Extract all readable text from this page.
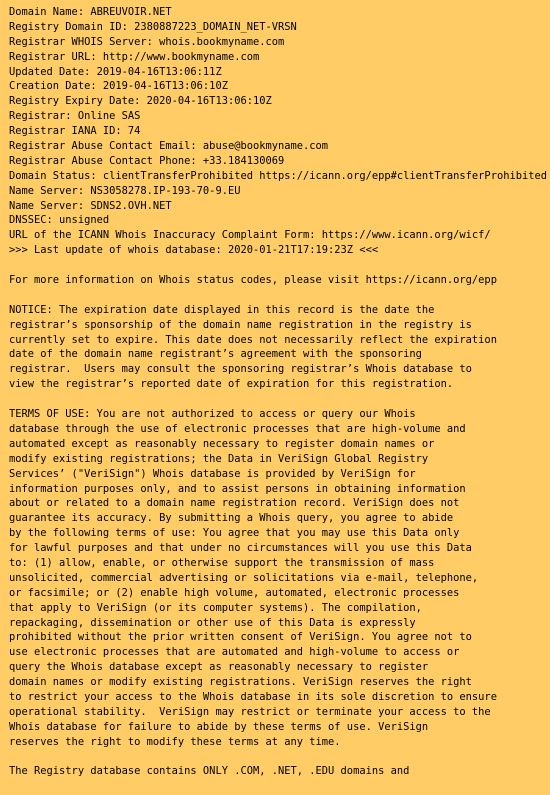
Domain Name: ABREUVOIR.NET
Registry Domain ID: 2380887223_DOMAIN_NET-VRSN
Registrar WHOIS Server: whois.bookmyname.com
Registrar URL: http://www.bookmyname.com
Updated Date: 2019-04-16T13:06:11Z
Creation Date: 2019-04-16T13:06:10Z
Registry Expiry Date: 2020-04-16T13:06:10Z
Registrar: Online SAS
Registrar IANA ID: 74
Registrar Abuse Contact Email: abuse@bookmyname.com
Registrar Abuse Contact Phone: +33.184130069
Domain Status: clientTransferProhibited https://icann.org/epp#clientTransferProhibited
Name Server: NS3058278.IP-193-70-9.EU
Name Server: SDNS2.OVH.NET
DNSSEC: unsigned
URL of the ICANN Whois Inaccuracy Complaint Form: https://www.icann.org/wicf/
>>> Last update of whois database: 2020-01-21T17:19:23Z <<<
For more information on Whois status codes, please visit https://icann.org/epp
NOTICE: The expiration date displayed in this record is the date the
registrar’s sponsorship of the domain name registration in the registry is
currently set to expire. This date does not necessarily reflect the expiration
date of the domain name registrant’s agreement with the sponsoring
registrar.  Users may consult the sponsoring registrar’s Whois database to
view the registrar’s reported date of expiration for this registration.
TERMS OF USE: You are not authorized to access or query our Whois
database through the use of electronic processes that are high-volume and
automated except as reasonably necessary to register domain names or
modify existing registrations; the Data in VeriSign Global Registry
Services’ ("VeriSign") Whois database is provided by VeriSign for
information purposes only, and to assist persons in obtaining information
about or related to a domain name registration record. VeriSign does not
guarantee its accuracy. By submitting a Whois query, you agree to abide
by the following terms of use: You agree that you may use this Data only
for lawful purposes and that under no circumstances will you use this Data
to: (1) allow, enable, or otherwise support the transmission of mass
unsolicited, commercial advertising or solicitations via e-mail, telephone,
or facsimile; or (2) enable high volume, automated, electronic processes
that apply to VeriSign (or its computer systems). The compilation,
repackaging, dissemination or other use of this Data is expressly
prohibited without the prior written consent of VeriSign. You agree not to
use electronic processes that are automated and high-volume to access or
query the Whois database except as reasonably necessary to register
domain names or modify existing registrations. VeriSign reserves the right
to restrict your access to the Whois database in its sole discretion to ensure
operational stability.  VeriSign may restrict or terminate your access to the
Whois database for failure to abide by these terms of use. VeriSign
reserves the right to modify these terms at any time.
The Registry database contains ONLY .COM, .NET, .EDU domains and
